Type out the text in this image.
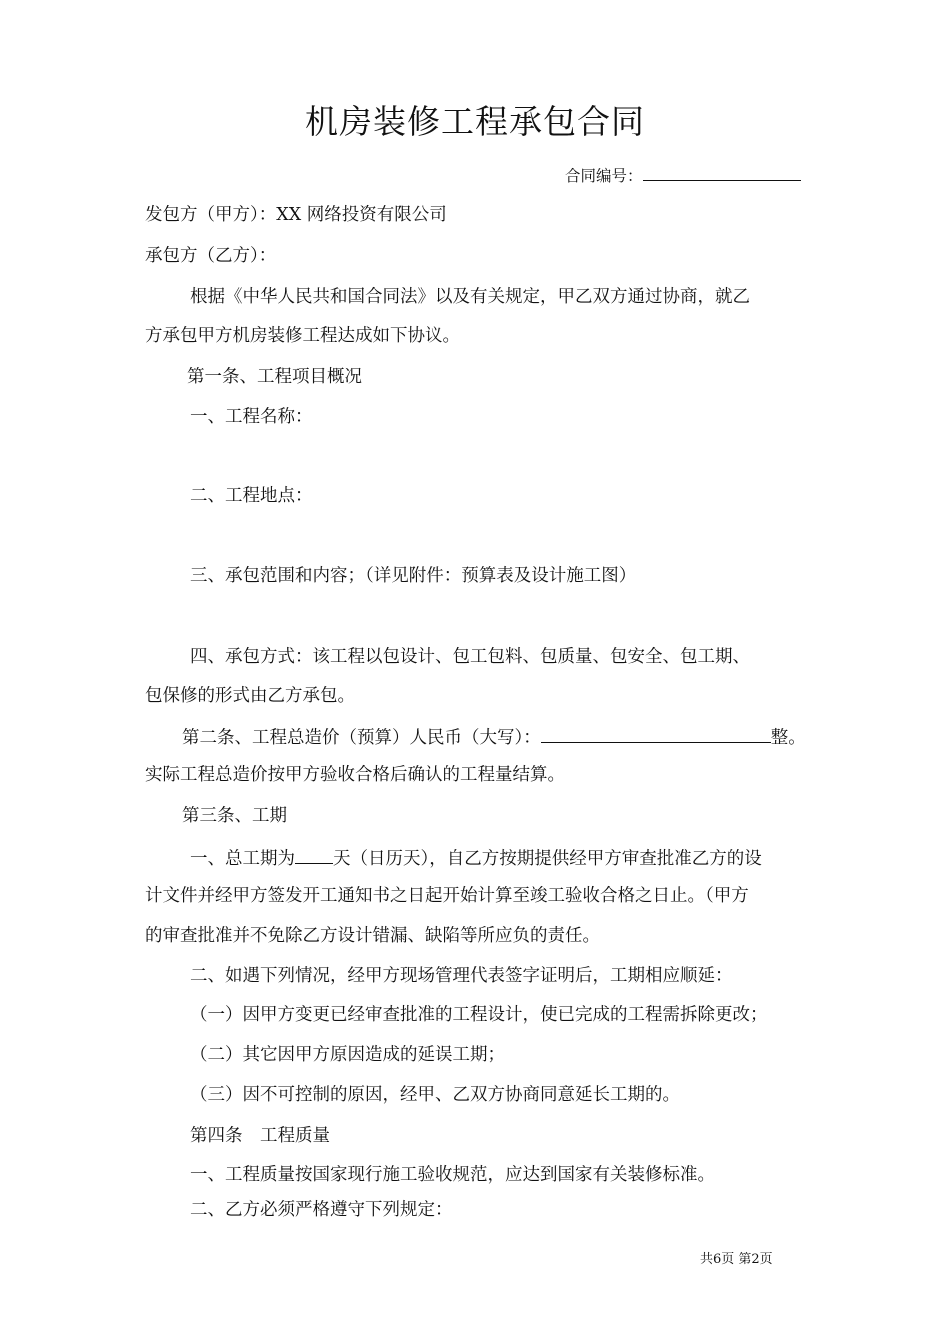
机房装修工程承包合同
合同编号：
发包方（甲方）：XX 网络投资有限公司
承包方（乙方）：
根据《中华人民共和国合同法》以及有关规定，甲乙双方通过协商，就乙
方承包甲方机房装修工程达成如下协议。
第一条、工程项目概况
一、工程名称：
二、工程地点：
三、承包范围和内容；（详见附件：预算表及设计施工图）
四、承包方式：该工程以包设计、包工包料、包质量、包安全、包工期、
包保修的形式由乙方承包。
第二条、工程总造价（预算）人民币（大写）：	整。
实际工程总造价按甲方验收合格后确认的工程量结算。
第三条、工期
一、总工期为 天（日历天），自乙方按期提供经甲方审查批准乙方的设
计文件并经甲方签发开工通知书之日起开始计算至竣工验收合格之日止。（甲方
的审查批准并不免除乙方设计错漏、缺陷等所应负的责任。
二、如遇下列情况，经甲方现场管理代表签字证明后，工期相应顺延：
（一）因甲方变更已经审查批准的工程设计，使已完成的工程需拆除更改；
（二）其它因甲方原因造成的延误工期；
（三）因不可控制的原因，经甲、乙双方协商同意延长工期的。
第四条　工程质量
一、工程质量按国家现行施工验收规范，应达到国家有关装修标准。
二、乙方必须严格遵守下列规定：
共6页 第2页
